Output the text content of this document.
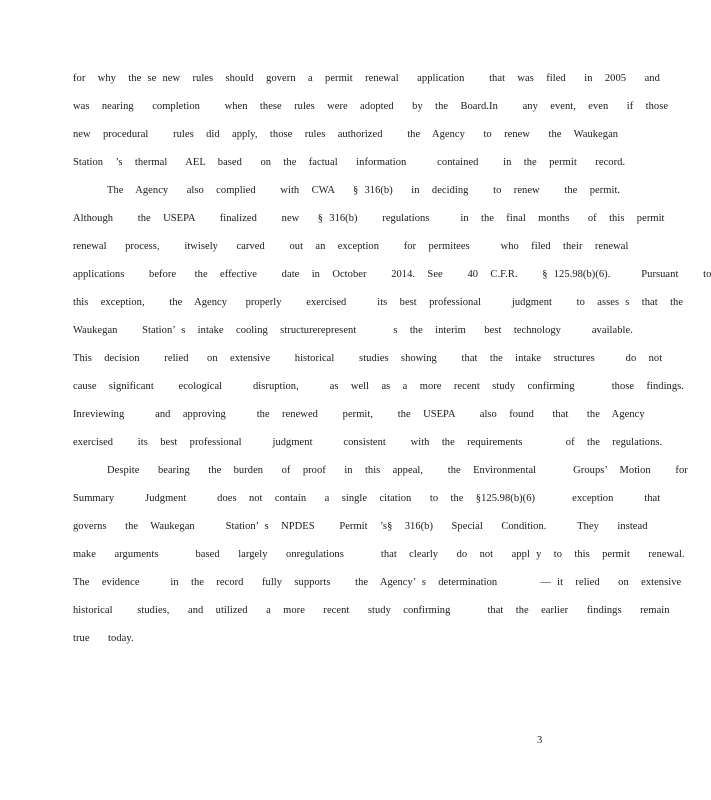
for  why  the se new  rules  should  govern  a  permit  renewal   application    that  was  filed   in  2005   and

was  nearing   completion    when  these  rules  were  adopted   by  the  Board.In    any  event,  even   if  those

new  procedural    rules  did  apply,  those  rules  authorized    the  Agency   to  renew   the  Waukegan

Station  ’s  thermal   AEL  based   on  the  factual   information     contained    in  the  permit   record.

The  Agency   also  complied    with  CWA   § 316(b)   in  deciding    to  renew    the  permit.

Although    the  USEPA    finalized    new   § 316(b)    regulations     in  the  final  months   of  this  permit

renewal   process,    itwisely   carved    out  an  exception    for  permitees     who  filed  their  renewal

applications    before   the  effective    date  in  October    2014.  See    40  C.F.R.    § 125.98(b)(6).     Pursuant    to

this  exception,    the  Agency   properly    exercised     its  best  professional     judgment    to  asses s  that  the

Waukegan    Station’ s  intake  cooling  structurerepresent      s  the  interim   best  technology     available.

This  decision    relied   on  extensive    historical    studies  showing    that  the  intake  structures     do  not

cause  significant    ecological     disruption,     as  well  as  a  more  recent  study  confirming      those  findings.

Inreviewing     and  approving     the  renewed    permit,    the  USEPA    also  found   that   the  Agency

exercised    its  best  professional     judgment     consistent    with  the  requirements       of  the  regulations.

Despite   bearing   the  burden   of  proof   in  this  appeal,    the  Environmental      Groups’  Motion    for

Summary     Judgment     does  not  contain   a  single  citation   to  the  §125.98(b)(6)      exception     that

governs   the  Waukegan     Station’ s  NPDES    Permit  ’s§  316(b)   Special   Condition.     They   instead

make   arguments      based   largely   onregulations      that  clearly   do  not   appl y  to  this  permit   renewal.

The  evidence     in  the  record   fully  supports    the  Agency’ s  determination       — it  relied   on  extensive

historical    studies,   and  utilized   a  more   recent   study  confirming      that  the  earlier   findings   remain

true   today.

3
